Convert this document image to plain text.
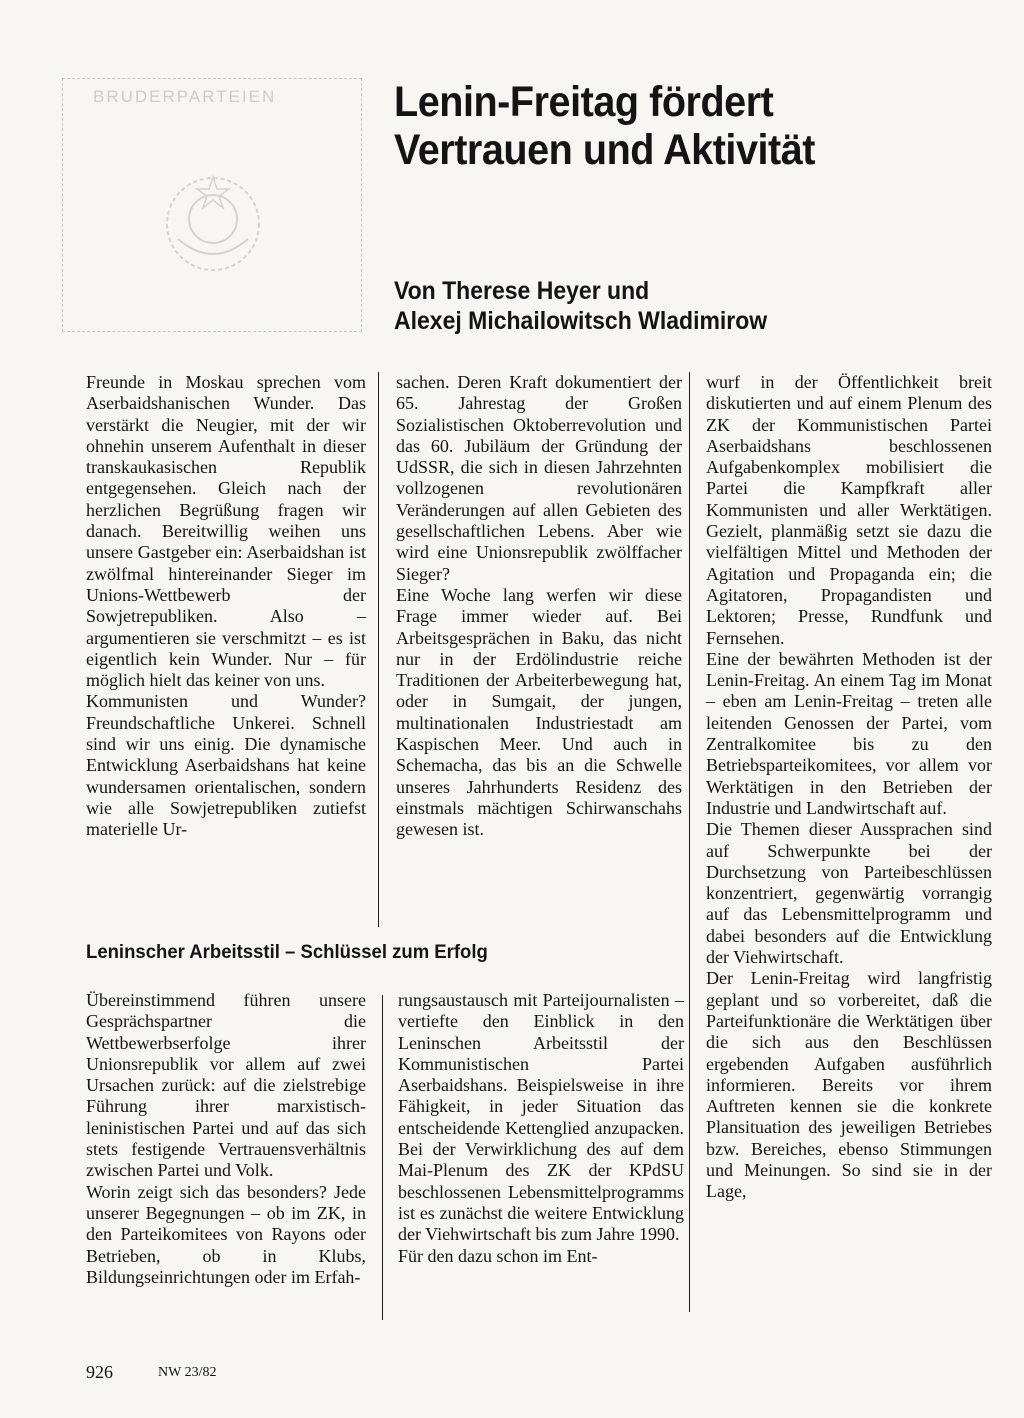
BRUDERPARTEIEN	Lenin-Freitag fördert
Vertrauen und Aktivität
Von Therese Heyer und
Alexej Michailowitsch Wladimirow

Freunde in Moskau sprechen vom Aserbaidshanischen Wunder. Das verstärkt die Neugier, mit der wir ohnehin unserem Aufenthalt in dieser transkaukasischen Republik entgegensehen. Gleich nach der herzlichen Begrüßung fragen wir danach. Bereitwillig weihen uns unsere Gastgeber ein: Aserbaidshan ist zwölfmal hintereinander Sieger im Unions-Wettbewerb der Sowjetrepubliken. Also – argumentieren sie verschmitzt – es ist eigentlich kein Wunder. Nur – für möglich hielt das keiner von uns.

Kommunisten und Wunder? Freundschaftliche Unkerei. Schnell sind wir uns einig. Die dynamische Entwicklung Aserbaidshans hat keine wundersamen orientalischen, sondern wie alle Sowjetrepubliken zutiefst materielle Ur-

sachen. Deren Kraft dokumentiert der 65. Jahrestag der Großen Sozialistischen Oktoberrevolution und das 60. Jubiläum der Gründung der UdSSR, die sich in diesen Jahrzehnten vollzogenen revolutionären Veränderungen auf allen Gebieten des gesellschaftlichen Lebens. Aber wie wird eine Unionsrepublik zwölffacher Sieger?

Eine Woche lang werfen wir diese Frage immer wieder auf. Bei Arbeitsgesprächen in Baku, das nicht nur in der Erdölindustrie reiche Traditionen der Arbeiterbewegung hat, oder in Sumgait, der jungen, multinationalen Industriestadt am Kaspischen Meer. Und auch in Schemacha, das bis an die Schwelle unseres Jahrhunderts Residenz des einstmals mächtigen Schirwanschahs gewesen ist.

wurf in der Öffentlichkeit breit diskutierten und auf einem Plenum des ZK der Kommunistischen Partei Aserbaidshans beschlossenen Aufgabenkomplex mobilisiert die Partei die Kampfkraft aller Kommunisten und aller Werktätigen. Gezielt, planmäßig setzt sie dazu die vielfältigen Mittel und Methoden der Agitation und Propaganda ein; die Agitatoren, Propagandisten und Lektoren; Presse, Rundfunk und Fernsehen.

Eine der bewährten Methoden ist der Lenin-Freitag. An einem Tag im Monat – eben am Lenin-Freitag – treten alle leitenden Genossen der Partei, vom Zentralkomitee bis zu den Betriebsparteikomitees, vor allem vor Werktätigen in den Betrieben der Industrie und Landwirtschaft auf.

Die Themen dieser Aussprachen sind auf Schwerpunkte bei der Durchsetzung von Parteibeschlüssen konzentriert, gegenwärtig vorrangig auf das Lebensmittelprogramm und dabei besonders auf die Entwicklung der Viehwirtschaft.

Der Lenin-Freitag wird langfristig geplant und so vorbereitet, daß die Parteifunktionäre die Werktätigen über die sich aus den Beschlüssen ergebenden Aufgaben ausführlich informieren. Bereits vor ihrem Auftreten kennen sie die konkrete Plansituation des jeweiligen Betriebes bzw. Bereiches, ebenso Stimmungen und Meinungen. So sind sie in der Lage,

Leninscher Arbeitsstil – Schlüssel zum Erfolg

Übereinstimmend führen unsere Gesprächspartner die Wettbewerbserfolge ihrer Unionsrepublik vor allem auf zwei Ursachen zurück: auf die zielstrebige Führung ihrer marxistisch-leninistischen Partei und auf das sich stets festigende Vertrauensverhältnis zwischen Partei und Volk.

Worin zeigt sich das besonders? Jede unserer Begegnungen – ob im ZK, in den Parteikomitees von Rayons oder Betrieben, ob in Klubs, Bildungseinrichtungen oder im Erfah-

rungsaustausch mit Parteijournalisten – vertiefte den Einblick in den Leninschen Arbeitsstil der Kommunistischen Partei Aserbaidshans. Beispielsweise in ihre Fähigkeit, in jeder Situation das entscheidende Kettenglied anzupacken. Bei der Verwirklichung des auf dem Mai-Plenum des ZK der KPdSU beschlossenen Lebensmittelprogramms ist es zunächst die weitere Entwicklung der Viehwirtschaft bis zum Jahre 1990.

Für den dazu schon im Ent-

926	NW 23/82
